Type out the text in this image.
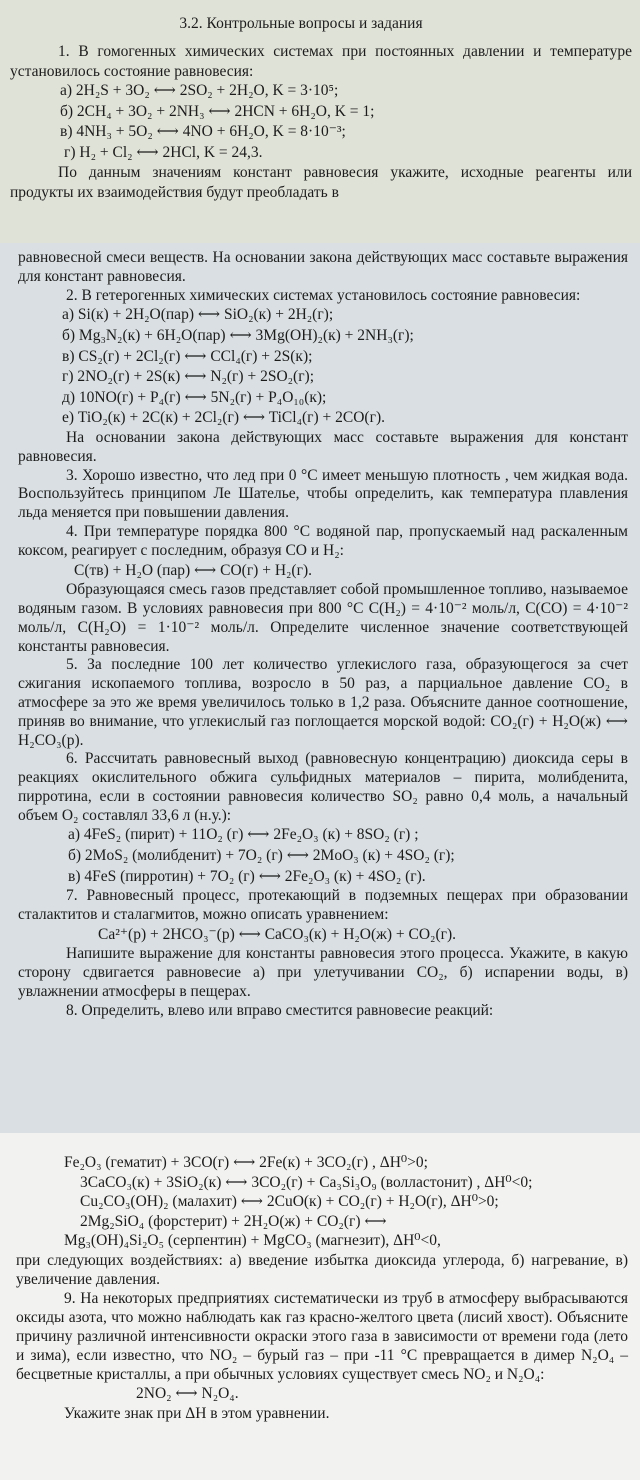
3.2. Контрольные вопросы и задания

1. В гомогенных химических системах при постоянных давлении и температуре установилось состояние равновесия:

а) 2H₂S + 3O₂ ⟷ 2SO₂ + 2H₂O, K = 3·10⁵;
б) 2CH₄ + 3O₂ + 2NH₃ ⟷ 2HCN + 6H₂O, K = 1;
в) 4NH₃ + 5O₂ ⟷ 4NO + 6H₂O, K = 8·10⁻³;
г) H₂ + Cl₂ ⟷ 2HCl, K = 24,3.

По данным значениям констант равновесия укажите, исходные реагенты или продукты их взаимодействия будут преобладать в

равновесной смеси веществ. На основании закона действующих масс составьте выражения для констант равновесия.

2. В гетерогенных химических системах установилось состояние равновесия:

а) Si(к) + 2H₂O(пар) ⟷ SiO₂(к) + 2H₂(г);
б) Mg₃N₂(к) + 6H₂O(пар) ⟷ 3Mg(OH)₂(к) + 2NH₃(г);
в) CS₂(г) + 2Cl₂(г) ⟷ CCl₄(г) + 2S(к);
г) 2NO₂(г) + 2S(к) ⟷ N₂(г) + 2SO₂(г);
д) 10NO(г) + P₄(г) ⟷ 5N₂(г) + P₄O₁₀(к);
е) TiO₂(к) + 2C(к) + 2Cl₂(г) ⟷ TiCl₄(г) + 2CO(г).

На основании закона действующих масс составьте выражения для констант равновесия.

3. Хорошо известно, что лед при 0 °С имеет меньшую плотность , чем жидкая вода. Воспользуйтесь принципом Ле Шателье, чтобы определить, как температура плавления льда меняется при повышении давления.

4. При температуре порядка 800 °С водяной пар, пропускаемый над раскаленным коксом, реагирует с последним, образуя CO и H₂:

C(тв) + H₂O (пар) ⟷ CO(г) + H₂(г).

Образующаяся смесь газов представляет собой промышленное топливо, называемое водяным газом. В условиях равновесия при 800 °С C(H₂) = 4·10⁻² моль/л, C(CO) = 4·10⁻² моль/л, C(H₂O) = 1·10⁻² моль/л. Определите численное значение соответствующей константы равновесия.

5. За последние 100 лет количество углекислого газа, образующегося за счет сжигания ископаемого топлива, возросло в 50 раз, а парциальное давление CO₂ в атмосфере за это же время увеличилось только в 1,2 раза. Объясните данное соотношение, приняв во внимание, что углекислый газ поглощается морской водой: CO₂(г) + H₂O(ж) ⟷ H₂CO₃(р).

6. Рассчитать равновесный выход (равновесную концентрацию) диоксида серы в реакциях окислительного обжига сульфидных материалов – пирита, молибденита, пирротина, если в состоянии равновесия количество SO₂ равно 0,4 моль, а начальный объем O₂ составлял 33,6 л (н.у.):

а) 4FeS₂ (пирит) + 11O₂ (г) ⟷ 2Fe₂O₃ (к) + 8SO₂ (г) ;
б) 2MoS₂ (молибденит) + 7O₂ (г) ⟷ 2MoO₃ (к) + 4SO₂ (г);
в) 4FeS (пирротин) + 7O₂ (г) ⟷ 2Fe₂O₃ (к) + 4SO₂ (г).

7. Равновесный процесс, протекающий в подземных пещерах при образовании сталактитов и сталагмитов, можно описать уравнением:

Ca²⁺(р) + 2HCO₃⁻(р) ⟷ CaCO₃(к) + H₂O(ж) + CO₂(г).

Напишите выражение для константы равновесия этого процесса. Укажите, в какую сторону сдвигается равновесие а) при улетучивании CO₂, б) испарении воды, в) увлажнении атмосферы в пещерах.

8. Определить, влево или вправо сместится равновесие реакций:

Fe₂O₃ (гематит) + 3CO(г) ⟷ 2Fe(к) + 3CO₂(г) , ΔH⁰>0;
3CaCO₃(к) + 3SiO₂(к) ⟷ 3CO₂(г) + Ca₃Si₃O₉ (волластонит) , ΔH⁰<0;
Cu₂CO₃(OH)₂ (малахит) ⟷ 2CuO(к) + CO₂(г) + H₂O(г), ΔH⁰>0;
2Mg₂SiO₄ (форстерит) + 2H₂O(ж) + CO₂(г) ⟷
Mg₃(OH)₄Si₂O₅ (серпентин) + MgCO₃ (магнезит), ΔH⁰<0,

при следующих воздействиях: а) введение избытка диоксида углерода, б) нагревание, в) увеличение давления.

9. На некоторых предприятиях систематически из труб в атмосферу выбрасываются оксиды азота, что можно наблюдать как газ красно-желтого цвета (лисий хвост). Объясните причину различной интенсивности окраски этого газа в зависимости от времени года (лето и зима), если известно, что NO₂ – бурый газ – при -11 °С превращается в димер N₂O₄ – бесцветные кристаллы, а при обычных условиях существует смесь NO₂ и N₂O₄:

2NO₂ ⟷ N₂O₄.

Укажите знак при ΔH в этом уравнении.
